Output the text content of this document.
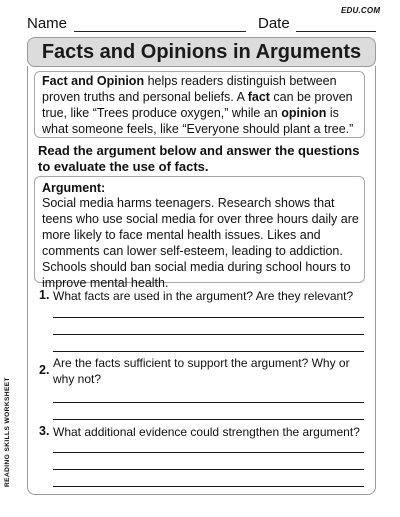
Name	Date
EDU.COM
Facts and Opinions in Arguments
Fact and Opinion helps readers distinguish between proven truths and personal beliefs. A fact can be proven true, like “Trees produce oxygen,” while an opinion is what someone feels, like “Everyone should plant a tree.”
Read the argument below and answer the questions to evaluate the use of facts.
Argument:
Social media harms teenagers. Research shows that teens who use social media for over three hours daily are more likely to face mental health issues. Likes and comments can lower self-esteem, leading to addiction. Schools should ban social media during school hours to improve mental health.
1. What facts are used in the argument? Are they relevant?
2. Are the facts sufficient to support the argument? Why or why not?
3. What additional evidence could strengthen the argument?
READING SKILLS WORKSHEET
